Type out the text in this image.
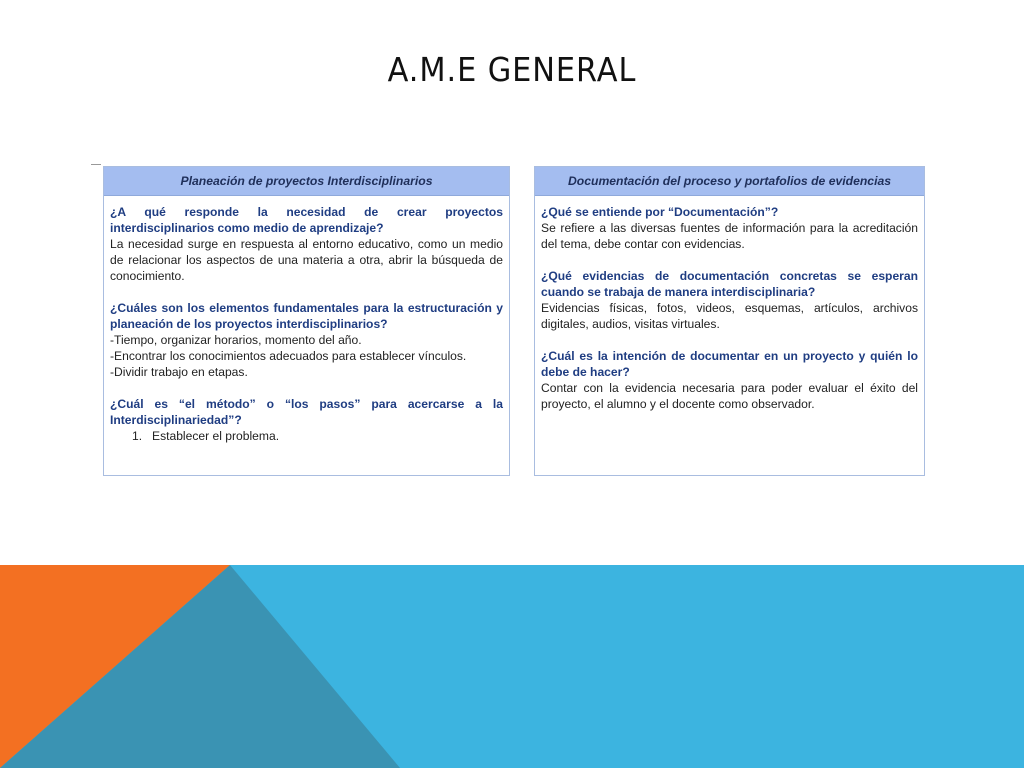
A.M.E GENERAL
Planeación de proyectos Interdisciplinarios

¿A qué responde la necesidad de crear proyectos interdisciplinarios como medio de aprendizaje?

La necesidad surge en respuesta al entorno educativo, como un medio de relacionar los aspectos de una materia a otra, abrir la búsqueda de conocimiento.

¿Cuáles son los elementos fundamentales para la estructuración y planeación de los proyectos interdisciplinarios?

-Tiempo, organizar horarios, momento del año.

-Encontrar los conocimientos adecuados para establecer vínculos.

-Dividir trabajo en etapas.

¿Cuál es “el método” o “los pasos” para acercarse a la Interdisciplinariedad”?

1. Establecer el problema.

Documentación del proceso y portafolios de evidencias

¿Qué se entiende por “Documentación”?

Se refiere a las diversas fuentes de información para la acreditación del tema, debe contar con evidencias.

¿Qué evidencias de documentación concretas se esperan cuando se trabaja de manera interdisciplinaria?

Evidencias físicas, fotos, videos, esquemas, artículos, archivos digitales, audios, visitas virtuales.

¿Cuál es la intención de documentar en un proyecto y quién lo debe de hacer?

Contar con la evidencia necesaria para poder evaluar el éxito del proyecto, el alumno y el docente como observador.
